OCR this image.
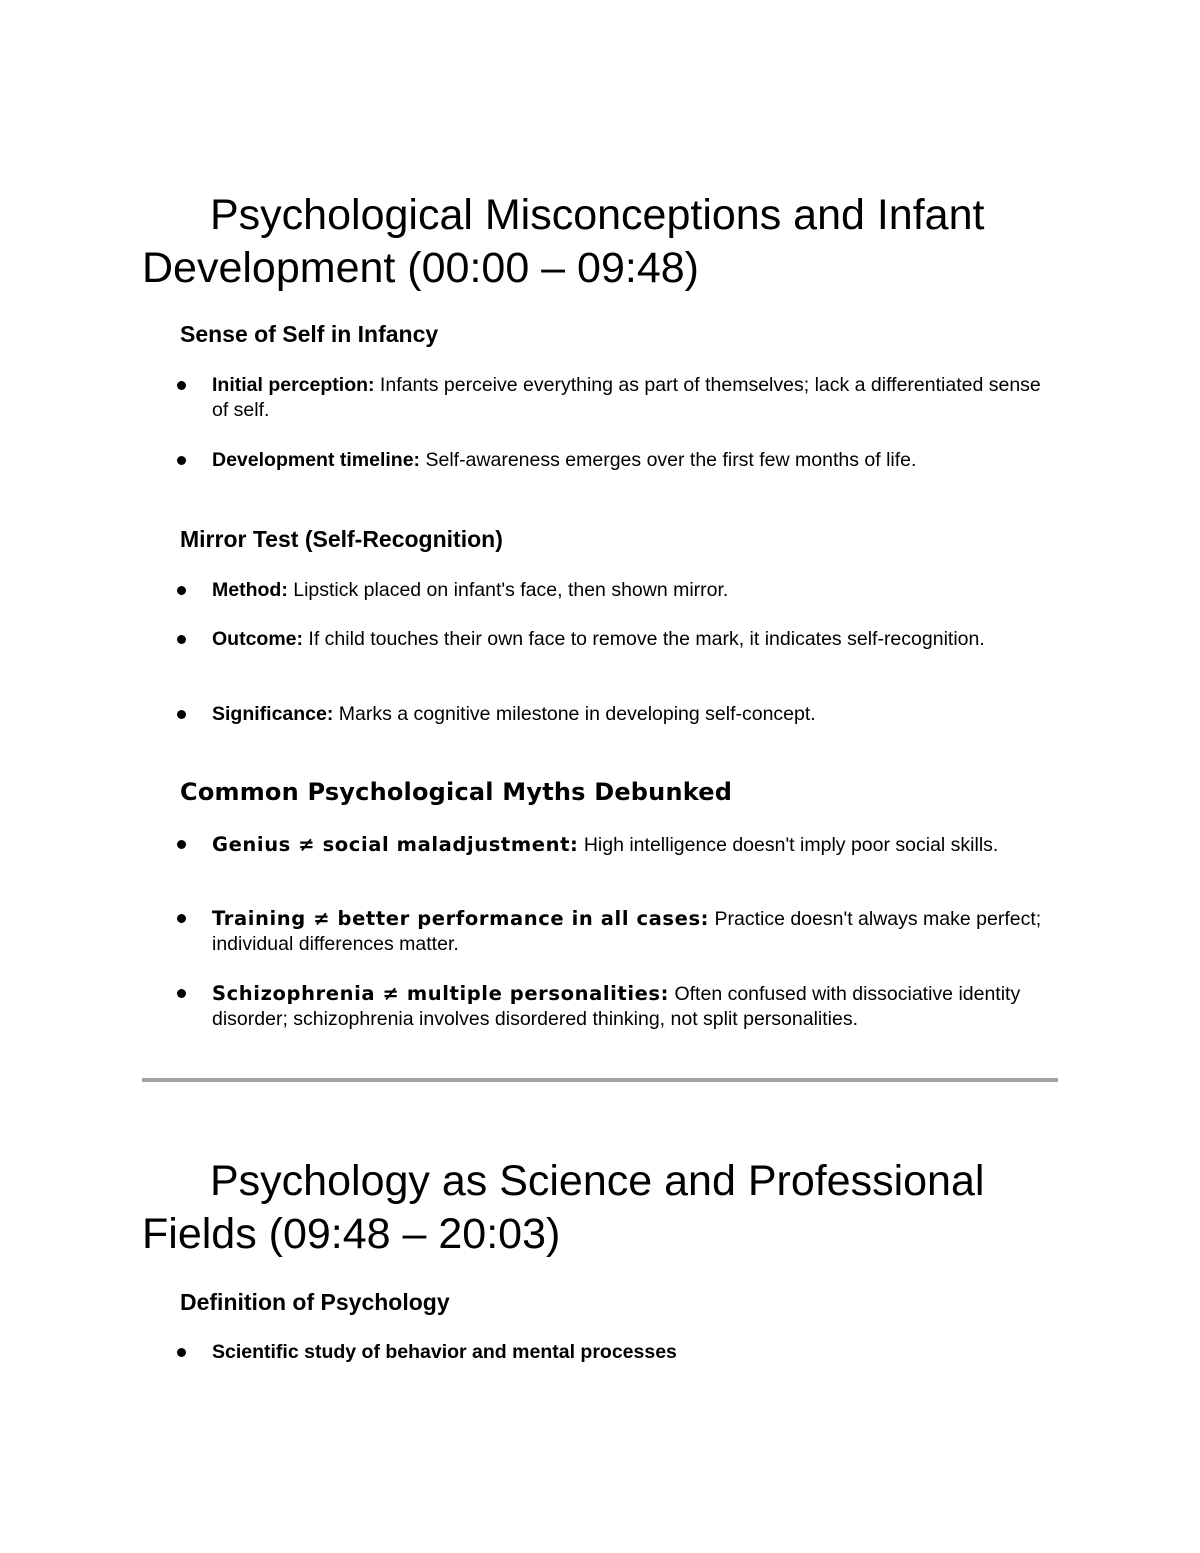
Psychological Misconceptions and Infant Development (00:00 – 09:48)
Sense of Self in Infancy
Initial perception: Infants perceive everything as part of themselves; lack a differentiated sense of self.
Development timeline: Self-awareness emerges over the first few months of life.
Mirror Test (Self-Recognition)
Method: Lipstick placed on infant's face, then shown mirror.
Outcome: If child touches their own face to remove the mark, it indicates self-recognition.
Significance: Marks a cognitive milestone in developing self-concept.
Common Psychological Myths Debunked
Genius ≠ social maladjustment: High intelligence doesn't imply poor social skills.
Training ≠ better performance in all cases: Practice doesn't always make perfect; individual differences matter.
Schizophrenia ≠ multiple personalities: Often confused with dissociative identity disorder; schizophrenia involves disordered thinking, not split personalities.
Psychology as Science and Professional Fields (09:48 – 20:03)
Definition of Psychology
Scientific study of behavior and mental processes
